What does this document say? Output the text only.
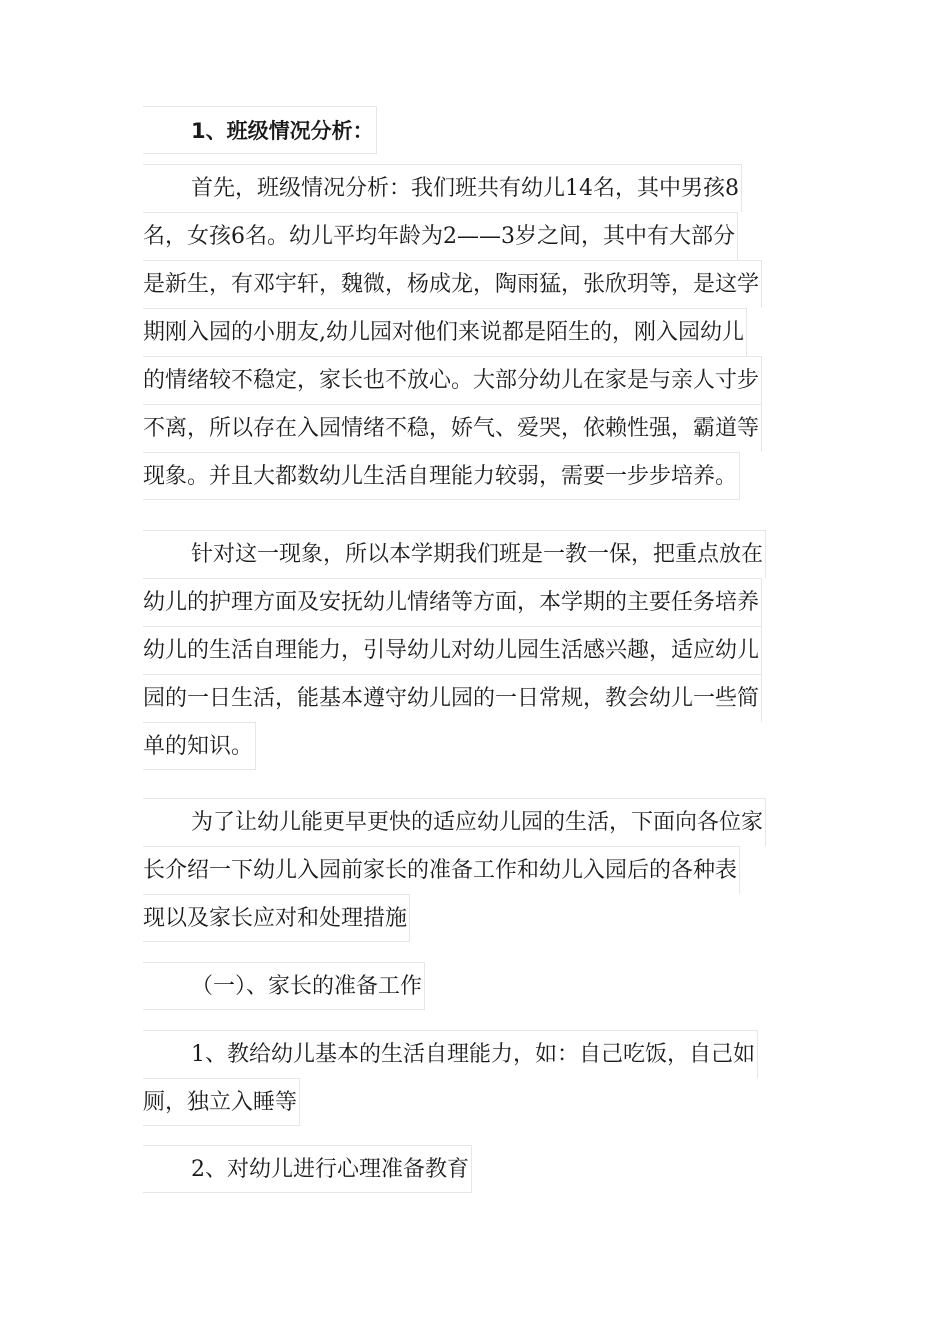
1、班级情况分析：
首先，班级情况分析：我们班共有幼儿14名，其中男孩8
名，女孩6名。幼儿平均年龄为2——3岁之间，其中有大部分
是新生，有邓宇轩，魏微，杨成龙，陶雨猛，张欣玥等，是这学
期刚入园的小朋友,幼儿园对他们来说都是陌生的，刚入园幼儿
的情绪较不稳定，家长也不放心。大部分幼儿在家是与亲人寸步
不离，所以存在入园情绪不稳，娇气、爱哭，依赖性强，霸道等
现象。并且大都数幼儿生活自理能力较弱，需要一步步培养。
针对这一现象，所以本学期我们班是一教一保，把重点放在
幼儿的护理方面及安抚幼儿情绪等方面，本学期的主要任务培养
幼儿的生活自理能力，引导幼儿对幼儿园生活感兴趣，适应幼儿
园的一日生活，能基本遵守幼儿园的一日常规，教会幼儿一些简
单的知识。
为了让幼儿能更早更快的适应幼儿园的生活，下面向各位家
长介绍一下幼儿入园前家长的准备工作和幼儿入园后的各种表
现以及家长应对和处理措施
（一）、家长的准备工作
1、教给幼儿基本的生活自理能力，如：自己吃饭，自己如
厕，独立入睡等
2、对幼儿进行心理准备教育
